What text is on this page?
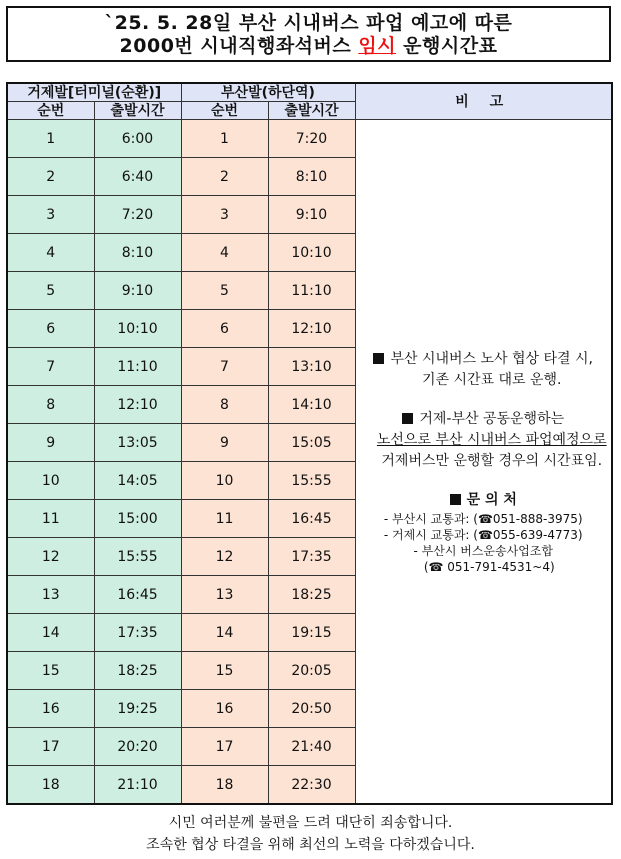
`25. 5. 28일 부산 시내버스 파업 예고에 따른
2000번 시내직행좌석버스 임시 운행시간표
거제발[터미널(순환)]		부산발(하단역)		비 고
순번	출발시간	순번	출발시간	
1	6:00	1	7:20	
부산 시내버스 노사 협상 타결 시,
기존 시간표 대로 운행.
거제-부산 공동운행하는
노선으로 부산 시내버스 파업예정으로
거제버스만 운행할 경우의 시간표임.
문 의 처
- 부산시 교통과: (☎051-888-3975)
- 거제시 교통과: (☎055-639-4773)
- 부산시 버스운송사업조합
(☎ 051-791-4531~4)

2	6:40	2	8:10	
3	7:20	3	9:10	
4	8:10	4	10:10	
5	9:10	5	11:10	
6	10:10	6	12:10	
7	11:10	7	13:10	
8	12:10	8	14:10	
9	13:05	9	15:05	
10	14:05	10	15:55	
11	15:00	11	16:45	
12	15:55	12	17:35	
13	16:45	13	18:25	
14	17:35	14	19:15	
15	18:25	15	20:05	
16	19:25	16	20:50	
17	20:20	17	21:40	
18	21:10	18	22:30	
시민 여러분께 불편을 드려 대단히 죄송합니다.
조속한 협상 타결을 위해 최선의 노력을 다하겠습니다.
